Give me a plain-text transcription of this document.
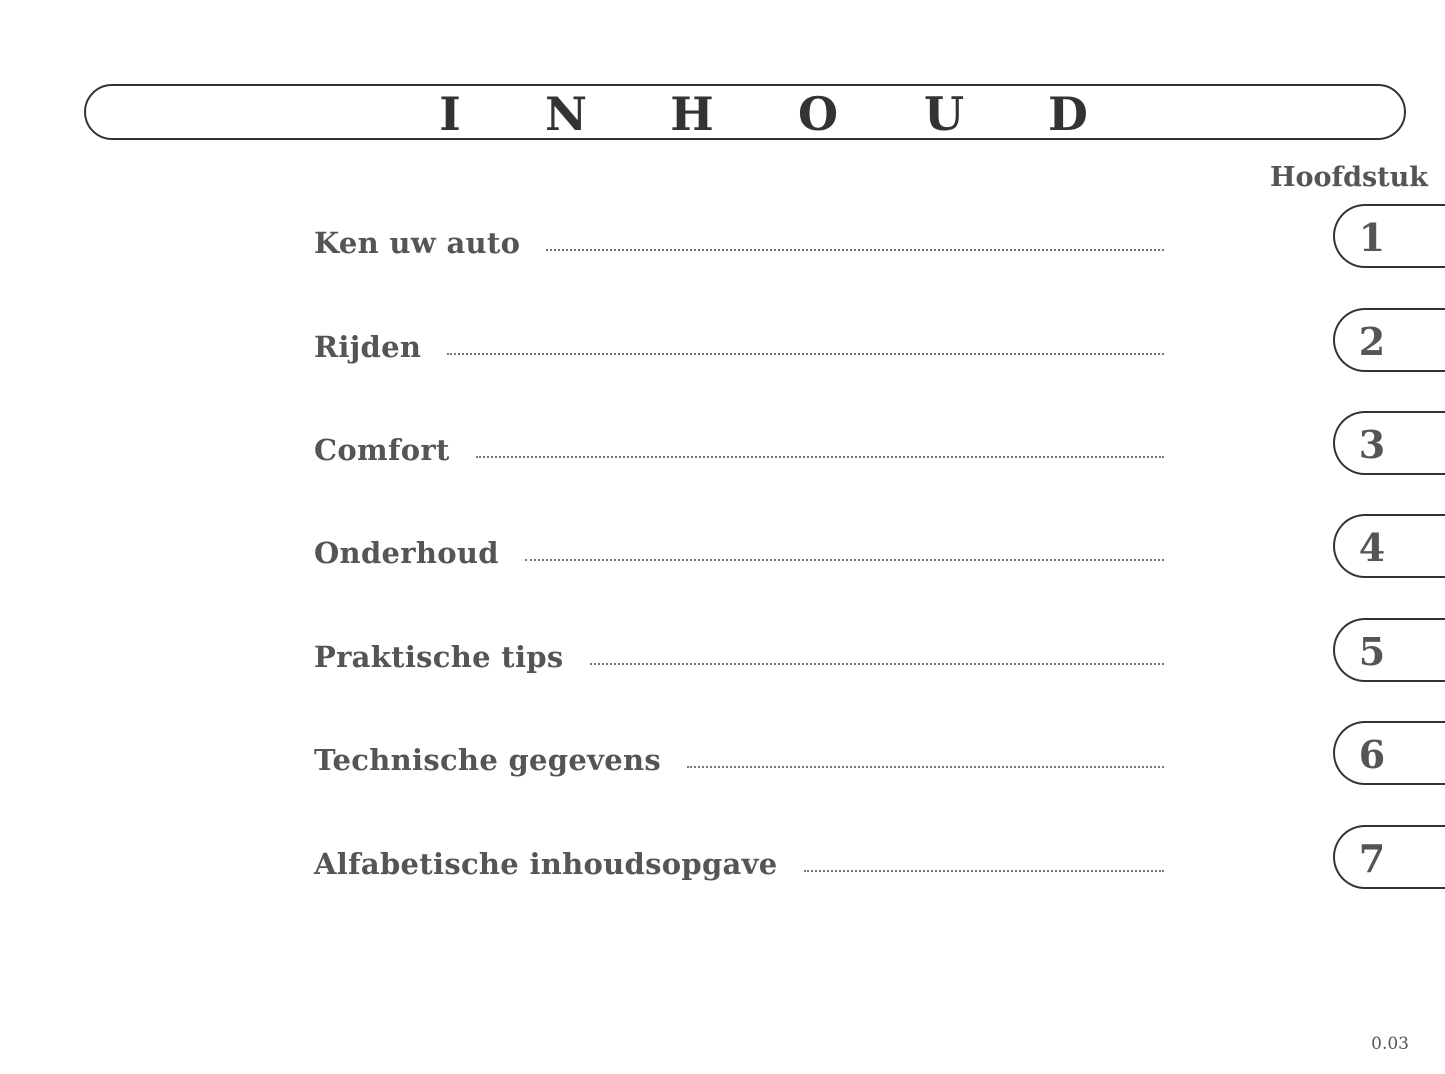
I	N H O U D
Hoofdstuk
Ken uw auto	1
Rijden	2
Comfort	3
Onderhoud	4
Praktische tips	5
Technische gegevens	6
Alfabetische inhoudsopgave	7
0.03
